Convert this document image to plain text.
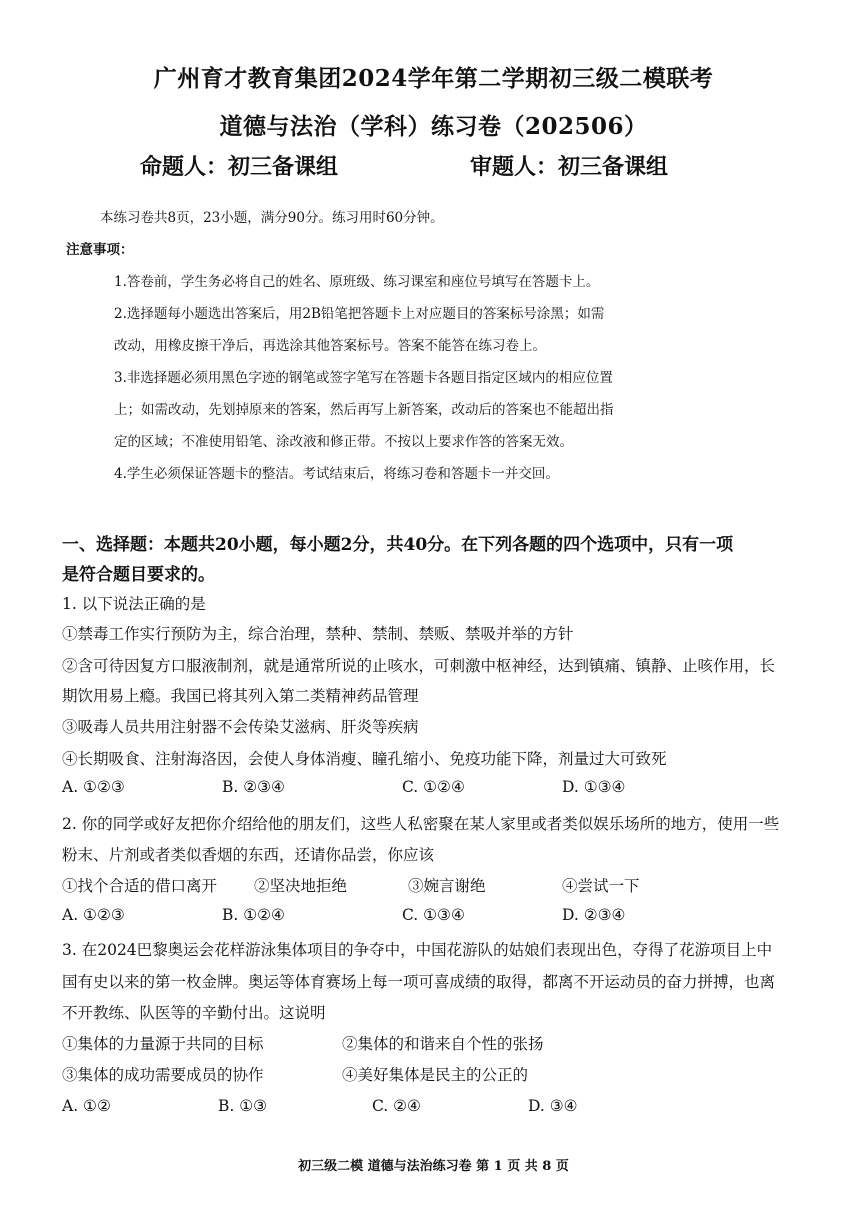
广州育才教育集团2024学年第二学期初三级二模联考
道德与法治（学科）练习卷（202506）
命题人：初三备课组	审题人：初三备课组
本练习卷共8页，23小题，满分90分。练习用时60分钟。
注意事项：
1.答卷前，学生务必将自己的姓名、原班级、练习课室和座位号填写在答题卡上。
2.选择题每小题选出答案后，用2B铅笔把答题卡上对应题目的答案标号涂黑；如需
改动，用橡皮擦干净后，再选涂其他答案标号。答案不能答在练习卷上。
3.非选择题必须用黑色字迹的钢笔或签字笔写在答题卡各题目指定区域内的相应位置
上；如需改动，先划掉原来的答案，然后再写上新答案，改动后的答案也不能超出指
定的区域；不准使用铅笔、涂改液和修正带。不按以上要求作答的答案无效。
4.学生必须保证答题卡的整洁。考试结束后，将练习卷和答题卡一并交回。
一、选择题：本题共20小题，每小题2分，共40分。在下列各题的四个选项中，只有一项
是符合题目要求的。
1. 以下说法正确的是
①禁毒工作实行预防为主，综合治理，禁种、禁制、禁贩、禁吸并举的方针
②含可待因复方口服液制剂，就是通常所说的止咳水，可刺激中枢神经，达到镇痛、镇静、止咳作用，长
期饮用易上瘾。我国已将其列入第二类精神药品管理
③吸毒人员共用注射器不会传染艾滋病、肝炎等疾病
④长期吸食、注射海洛因，会使人身体消瘦、瞳孔缩小、免疫功能下降，剂量过大可致死
A. ①②③	B. ②③④	C. ①②④	D. ①③④
2. 你的同学或好友把你介绍给他的朋友们，这些人私密聚在某人家里或者类似娱乐场所的地方，使用一些
粉末、片剂或者类似香烟的东西，还请你品尝，你应该
①找个合适的借口离开 ②坚决地拒绝	③婉言谢绝	④尝试一下
A. ①②③	B. ①②④	C. ①③④	D. ②③④
3. 在2024巴黎奥运会花样游泳集体项目的争夺中，中国花游队的姑娘们表现出色，夺得了花游项目上中
国有史以来的第一枚金牌。奥运等体育赛场上每一项可喜成绩的取得，都离不开运动员的奋力拼搏，也离
不开教练、队医等的辛勤付出。这说明
①集体的力量源于共同的目标	②集体的和谐来自个性的张扬
③集体的成功需要成员的协作	④美好集体是民主的公正的
A. ①②	B. ①③	C. ②④	D. ③④
初三级二模 道德与法治练习卷 第 1 页 共 8 页
